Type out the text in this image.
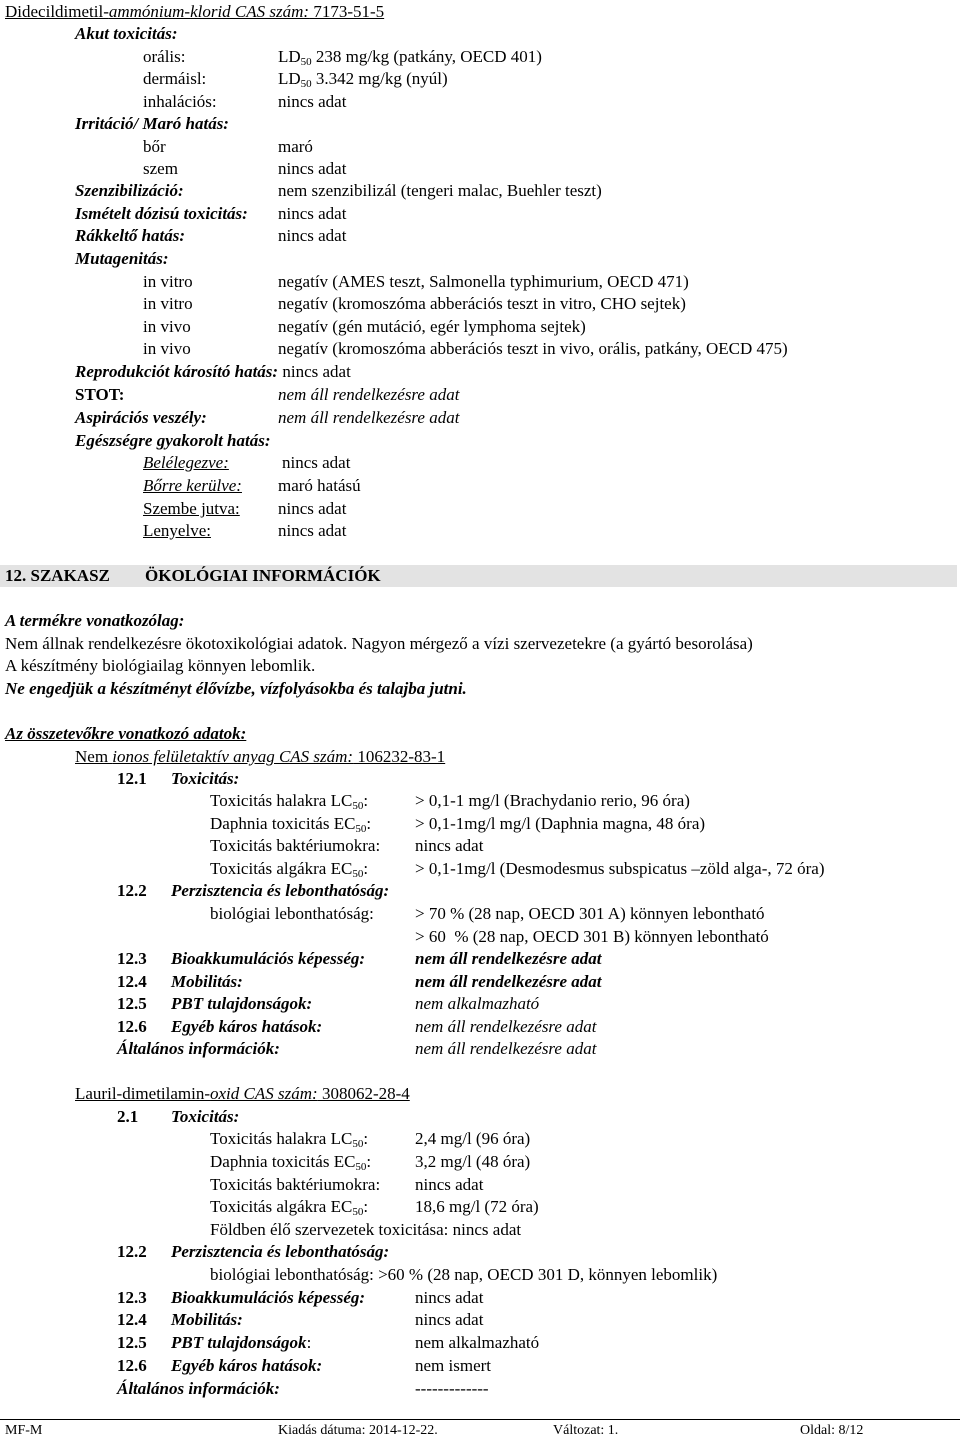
Didecildimetil-ammónium-klorid CAS szám: 7173-51-5
Akut toxicitás:
orális:	$LD_{50}$ 238 mg/kg (patkány, OECD 401)
dermáisl:	$LD_{50}$ 3.342 mg/kg (nyúl)
inhalációs:	nincs adat
Irritáció/ Maró hatás:
bőr	maró
szem	nincs adat
Szenzibilizáció:	nem szenzibilizál (tengeri malac, Buehler teszt)
Ismételt dózisú toxicitás: nincs adat
Rákkeltő hatás:	nincs adat
Mutagenitás:
in vitro	negatív (AMES teszt, Salmonella typhimurium, OECD 471)
in vitro	negatív (kromoszóma abberációs teszt in vitro, CHO sejtek)
in vivo	negatív (gén mutáció, egér lymphoma sejtek)
in vivo	negatív (kromoszóma abberációs teszt in vivo, orális, patkány, OECD 475)
Reprodukciót károsító hatás: nincs adat
STOT:	nem áll rendelkezésre adat
Aspirációs veszély:	nem áll rendelkezésre adat
Egészségre gyakorolt hatás:
Belélegezve:	nincs adat
Bőrre kerülve: maró hatású
Szembe jutva: nincs adat
Lenyelve:	nincs adat
12. SZAKASZ ÖKOLÓGIAI INFORMÁCIÓK
A termékre vonatkozólag:
Nem állnak rendelkezésre ökotoxikológiai adatok. Nagyon mérgező a vízi szervezetekre (a gyártó besorolása)
A készítmény biológiailag könnyen lebomlik.
Ne engedjük a készítményt élővízbe, vízfolyásokba és talajba jutni.
Az összetevőkre vonatkozó adatok:
Nem ionos felületaktív anyag CAS szám: 106232-83-1
12.1 Toxicitás:
Toxicitás halakra $LC_{50}$:	> 0,1-1 mg/l (Brachydanio rerio, 96 óra)
Daphnia toxicitás $EC_{50}$:	> 0,1-1mg/l mg/l (Daphnia magna, 48 óra)
Toxicitás baktériumokra: nincs adat
Toxicitás algákra $EC_{50}$:	> 0,1-1mg/l (Desmodesmus subspicatus –zöld alga-, 72 óra)
12.2 Perzisztencia és lebonthatóság:
biológiai lebonthatóság: > 70 % (28 nap, OECD 301 A) könnyen lebontható
> 60  % (28 nap, OECD 301 B) könnyen lebontható
12.3 Bioakkumulációs képesség:	nem áll rendelkezésre adat
12.4 Mobilitás:	nem áll rendelkezésre adat
12.5 PBT tulajdonságok:	nem alkalmazható
12.6 Egyéb káros hatások:	nem áll rendelkezésre adat
Általános információk:	nem áll rendelkezésre adat
Lauril-dimetilamin-oxid CAS szám: 308062-28-4
2.1 Toxicitás:
Toxicitás halakra $LC_{50}$:	2,4 mg/l (96 óra)
Daphnia toxicitás $EC_{50}$:	3,2 mg/l (48 óra)
Toxicitás baktériumokra: nincs adat
Toxicitás algákra $EC_{50}$:	18,6 mg/l (72 óra)
Földben élő szervezetek toxicitása: nincs adat
12.2 Perzisztencia és lebonthatóság:
biológiai lebonthatóság: >60 % (28 nap, OECD 301 D, könnyen lebomlik)
12.3 Bioakkumulációs képesség:	nincs adat
12.4 Mobilitás:	nincs adat
12.5 PBT tulajdonságok:	nem alkalmazható
12.6 Egyéb káros hatások:	nem ismert
Általános információk:	-------------
MF-M	Kiadás dátuma: 2014-12-22.	Változat: 1.	Oldal: 8/12
